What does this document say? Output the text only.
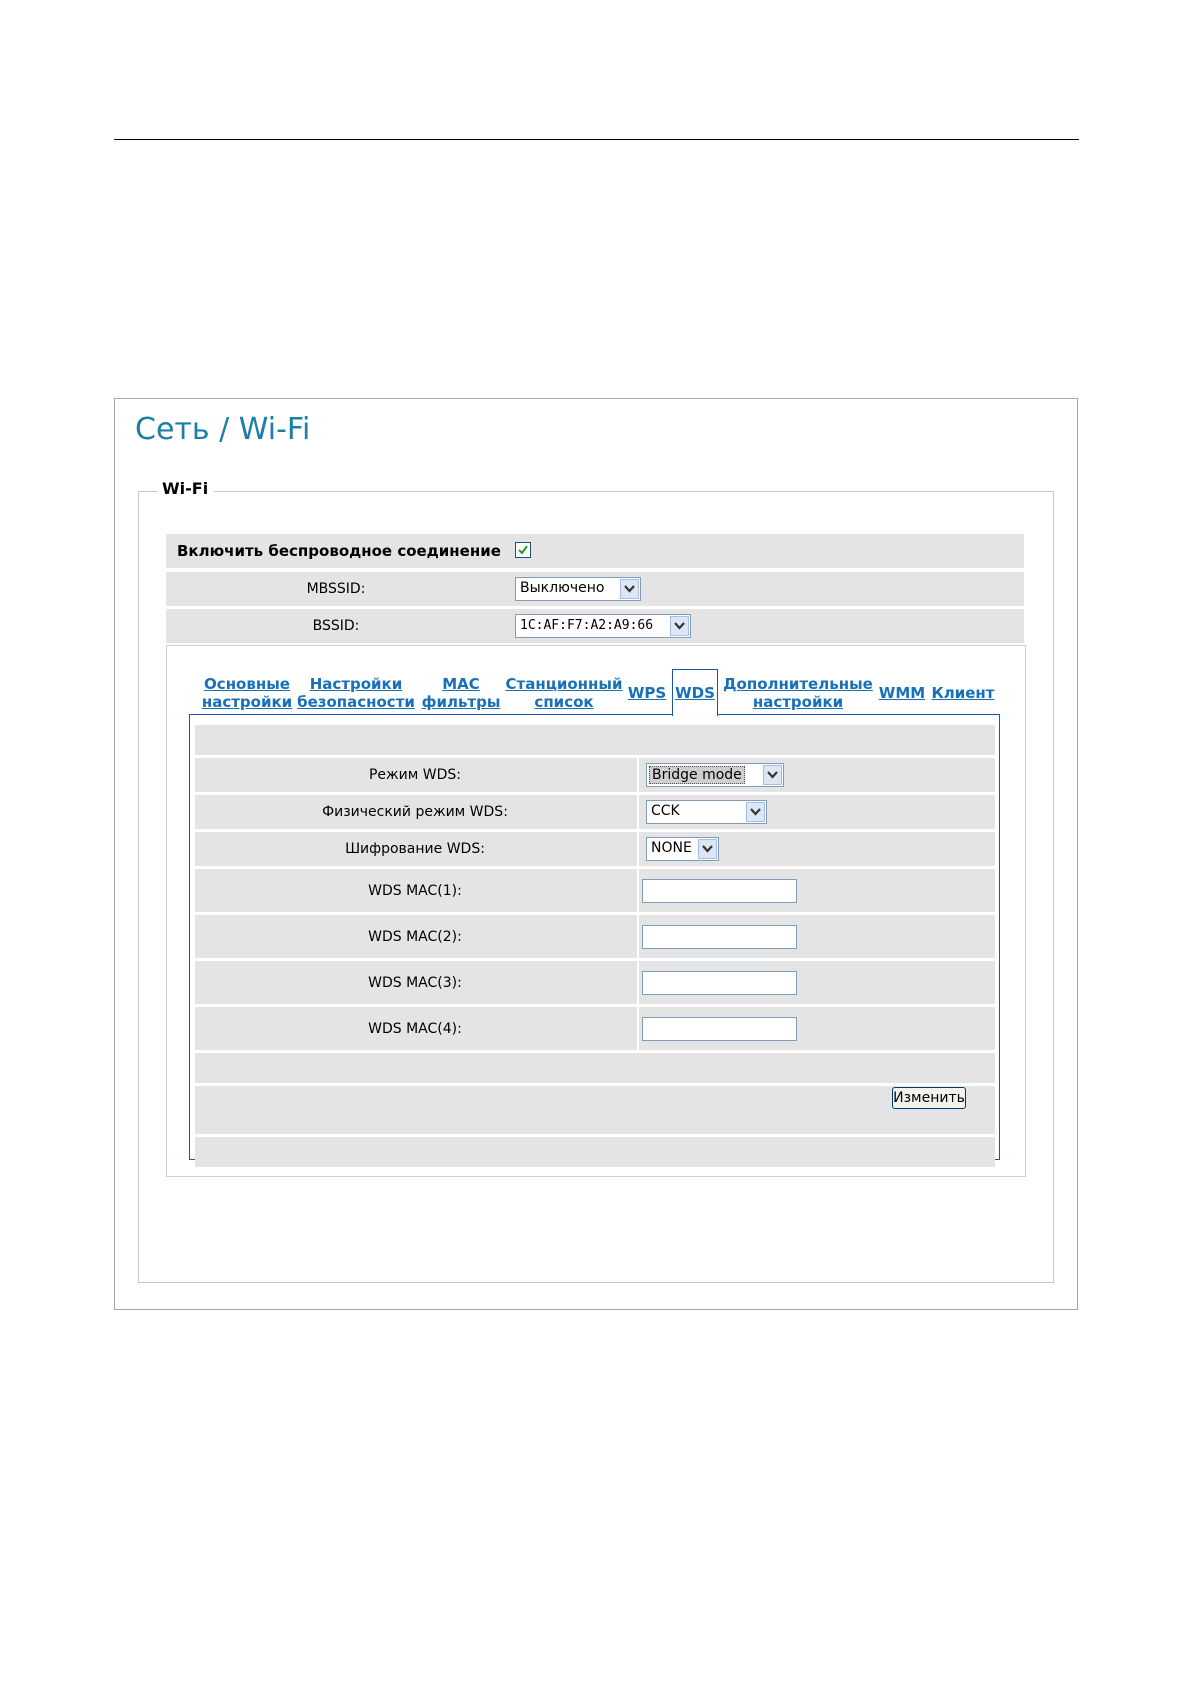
Сеть / Wi-Fi
Wi-Fi
Включить беспроводное соединение
MBSSID:	Выключено
BSSID:	1C:AF:F7:A2:A9:66
Основные
настройки
Настройки
безопасности
MAC
фильтры
Станционный
список WPS WDS Дополнительные
настройки WMM Клиент
Режим WDS:	Bridge mode
Физический режим WDS:	CCK
Шифрование WDS:	NONE
WDS MAC(1):
WDS MAC(2):
WDS MAC(3):
WDS MAC(4):
Изменить
